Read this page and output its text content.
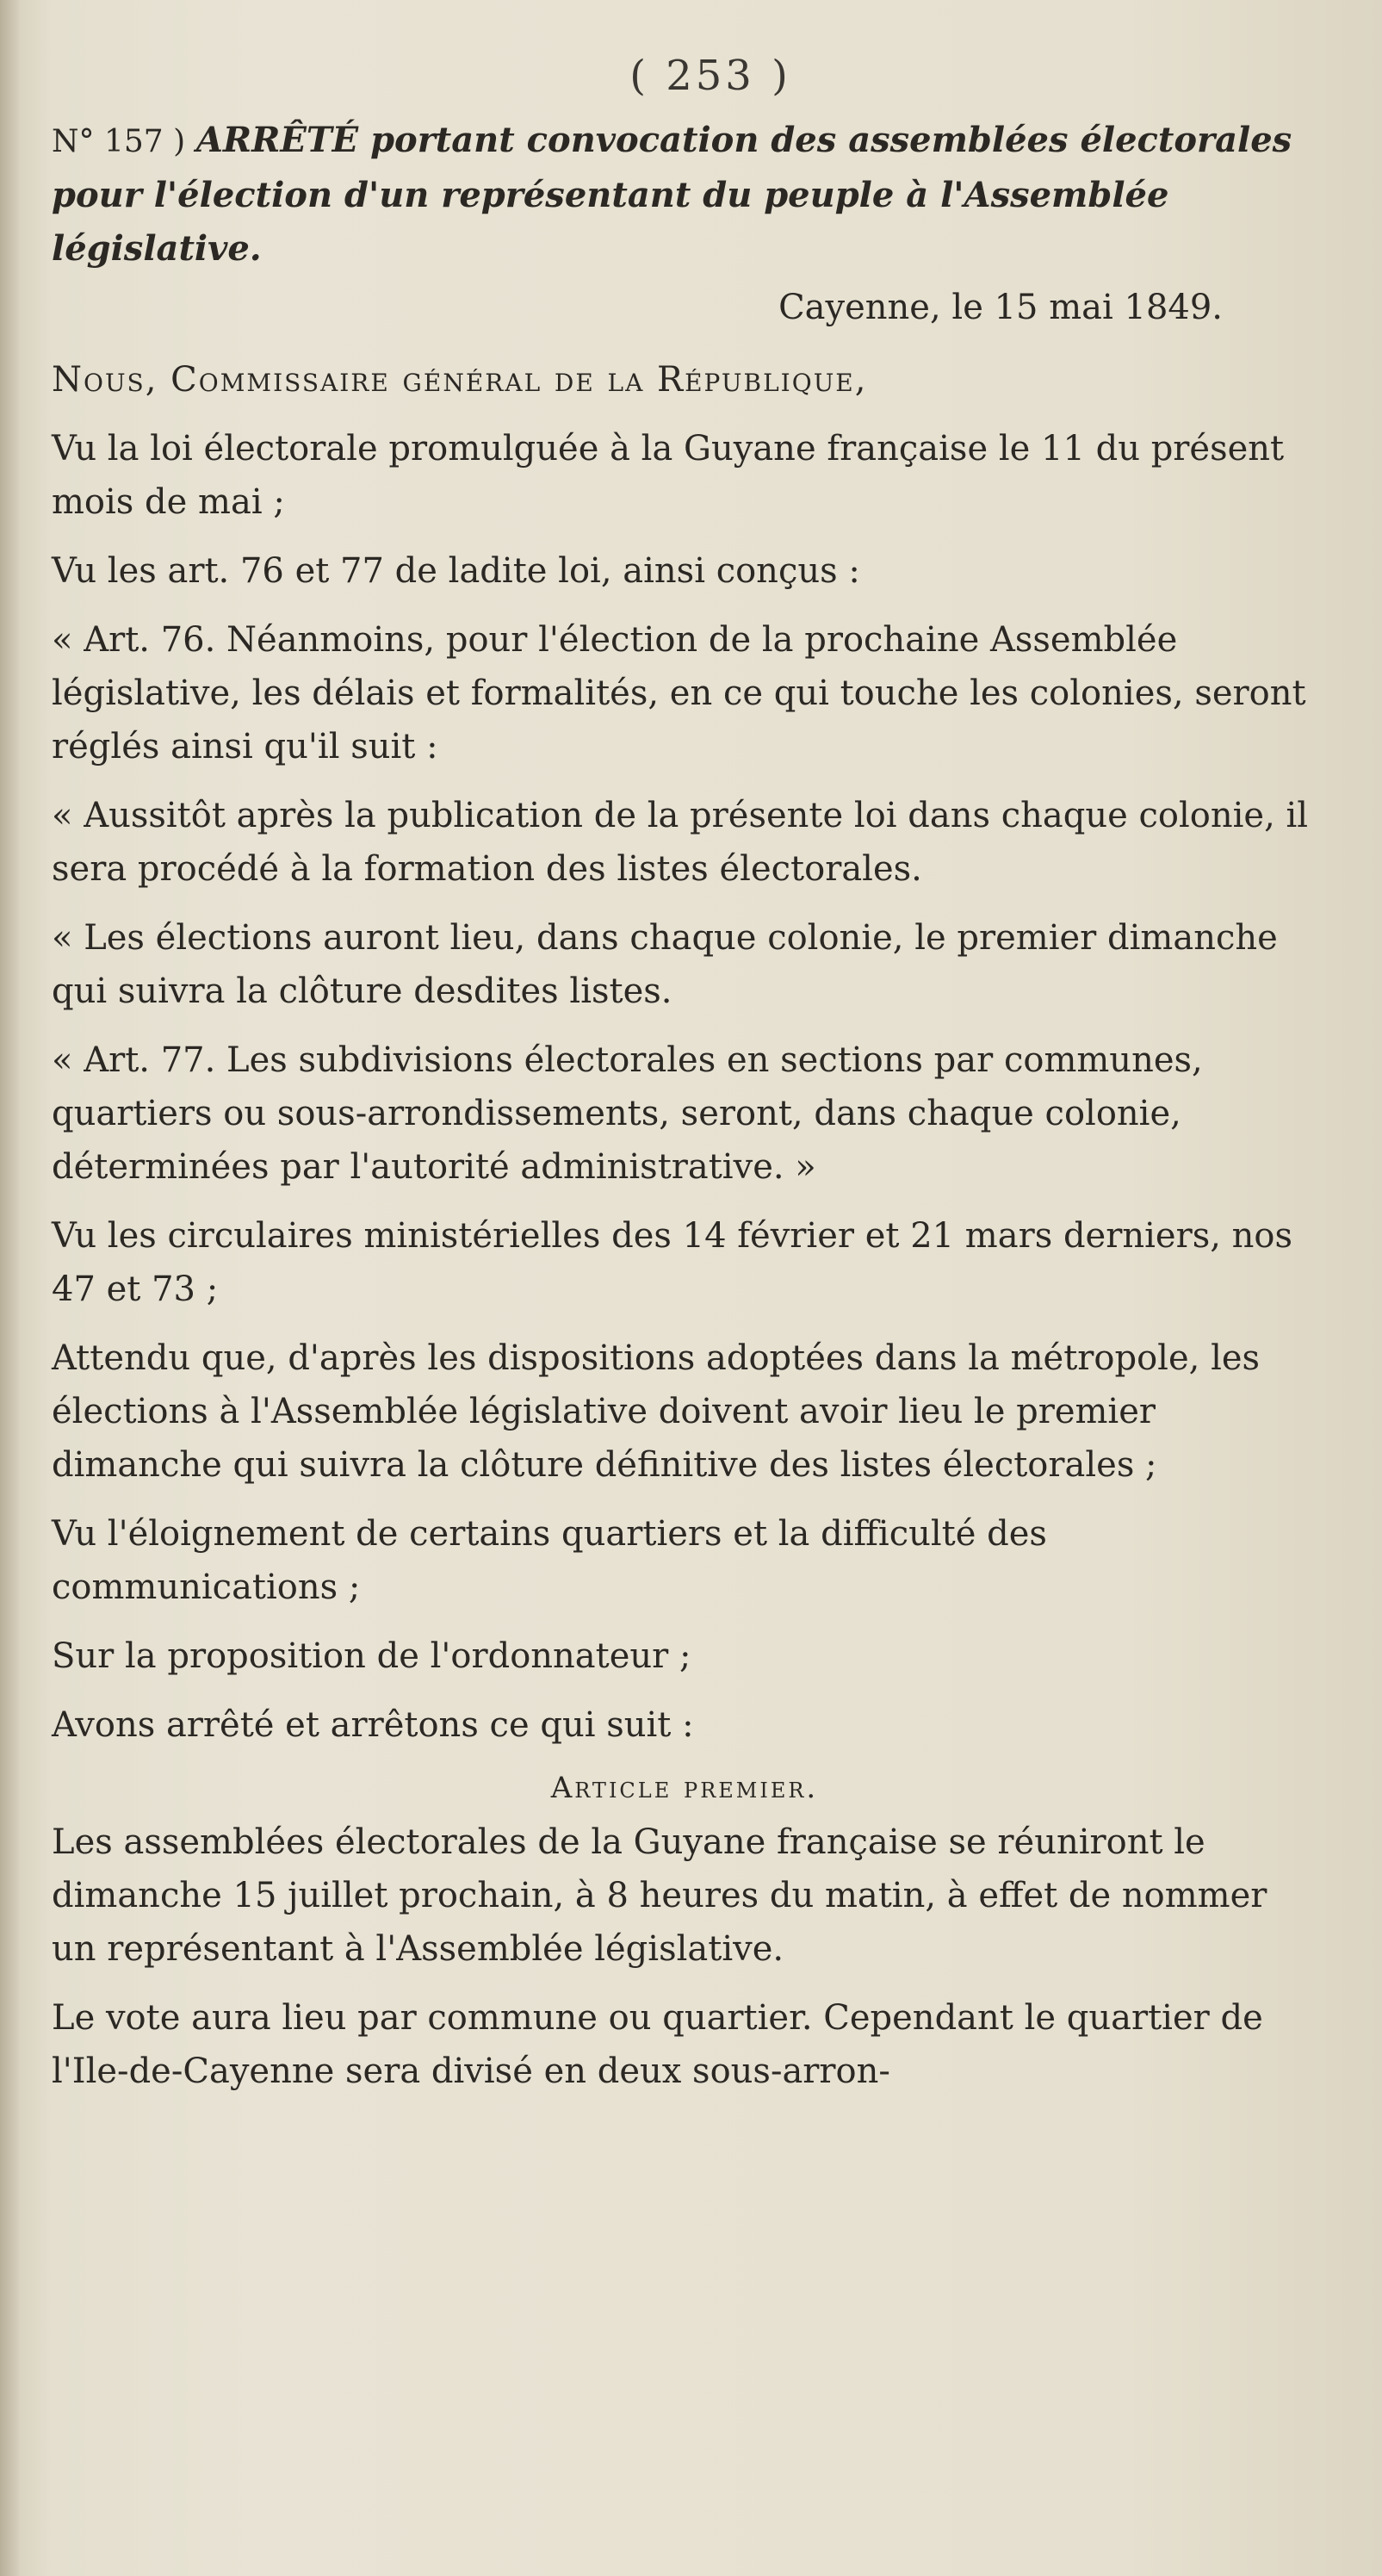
( 253 )

N° 157 ) ARRÊTÉ portant convocation des assemblées électorales pour l'élection d'un représentant du peuple à l'Assemblée législative.

Cayenne, le 15 mai 1849.

Nous, Commissaire général de la République,

Vu la loi électorale promulguée à la Guyane française le 11 du présent mois de mai ;

Vu les art. 76 et 77 de ladite loi, ainsi conçus :

« Art. 76. Néanmoins, pour l'élection de la prochaine Assemblée législative, les délais et formalités, en ce qui touche les colonies, seront réglés ainsi qu'il suit :

« Aussitôt après la publication de la présente loi dans chaque colonie, il sera procédé à la formation des listes électorales.

« Les élections auront lieu, dans chaque colonie, le premier dimanche qui suivra la clôture desdites listes.

« Art. 77. Les subdivisions électorales en sections par communes, quartiers ou sous-arrondissements, seront, dans chaque colonie, déterminées par l'autorité administrative. »

Vu les circulaires ministérielles des 14 février et 21 mars derniers, nos 47 et 73 ;

Attendu que, d'après les dispositions adoptées dans la métropole, les élections à l'Assemblée législative doivent avoir lieu le premier dimanche qui suivra la clôture définitive des listes électorales ;

Vu l'éloignement de certains quartiers et la difficulté des communications ;

Sur la proposition de l'ordonnateur ;

Avons arrêté et arrêtons ce qui suit :

Article premier.

Les assemblées électorales de la Guyane française se réuniront le dimanche 15 juillet prochain, à 8 heures du matin, à effet de nommer un représentant à l'Assemblée législative.

Le vote aura lieu par commune ou quartier. Cependant le quartier de l'Ile-de-Cayenne sera divisé en deux sous-arron-
